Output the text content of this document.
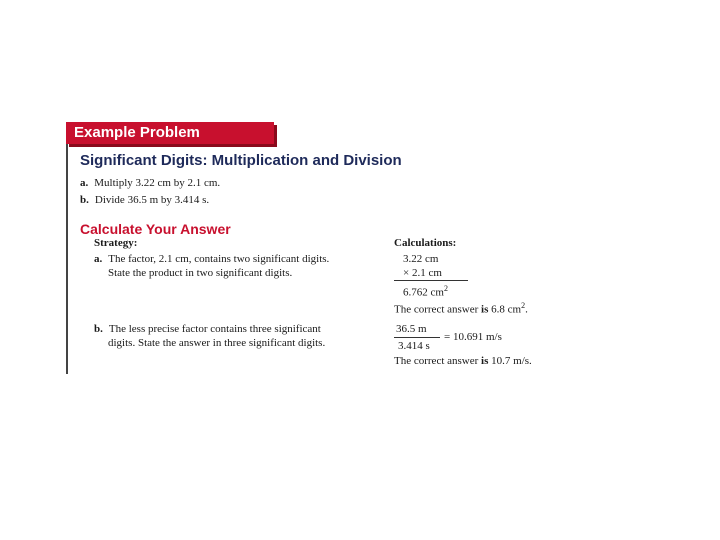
Example Problem
Significant Digits: Multiplication and Division
a. Multiply 3.22 cm by 2.1 cm.
b. Divide 36.5 m by 3.414 s.
Calculate Your Answer
Strategy:
a. The factor, 2.1 cm, contains two significant digits.
State the product in two significant digits.
b. The less precise factor contains three significant
digits. State the answer in three significant digits.
Calculations:
3.22 cm
× 2.1 cm
6.762 $cm^2$
The correct answer is 6.8 $cm^2$.
36.5 m
3.414 s
= 10.691 m/s
The correct answer is 10.7 m/s.
